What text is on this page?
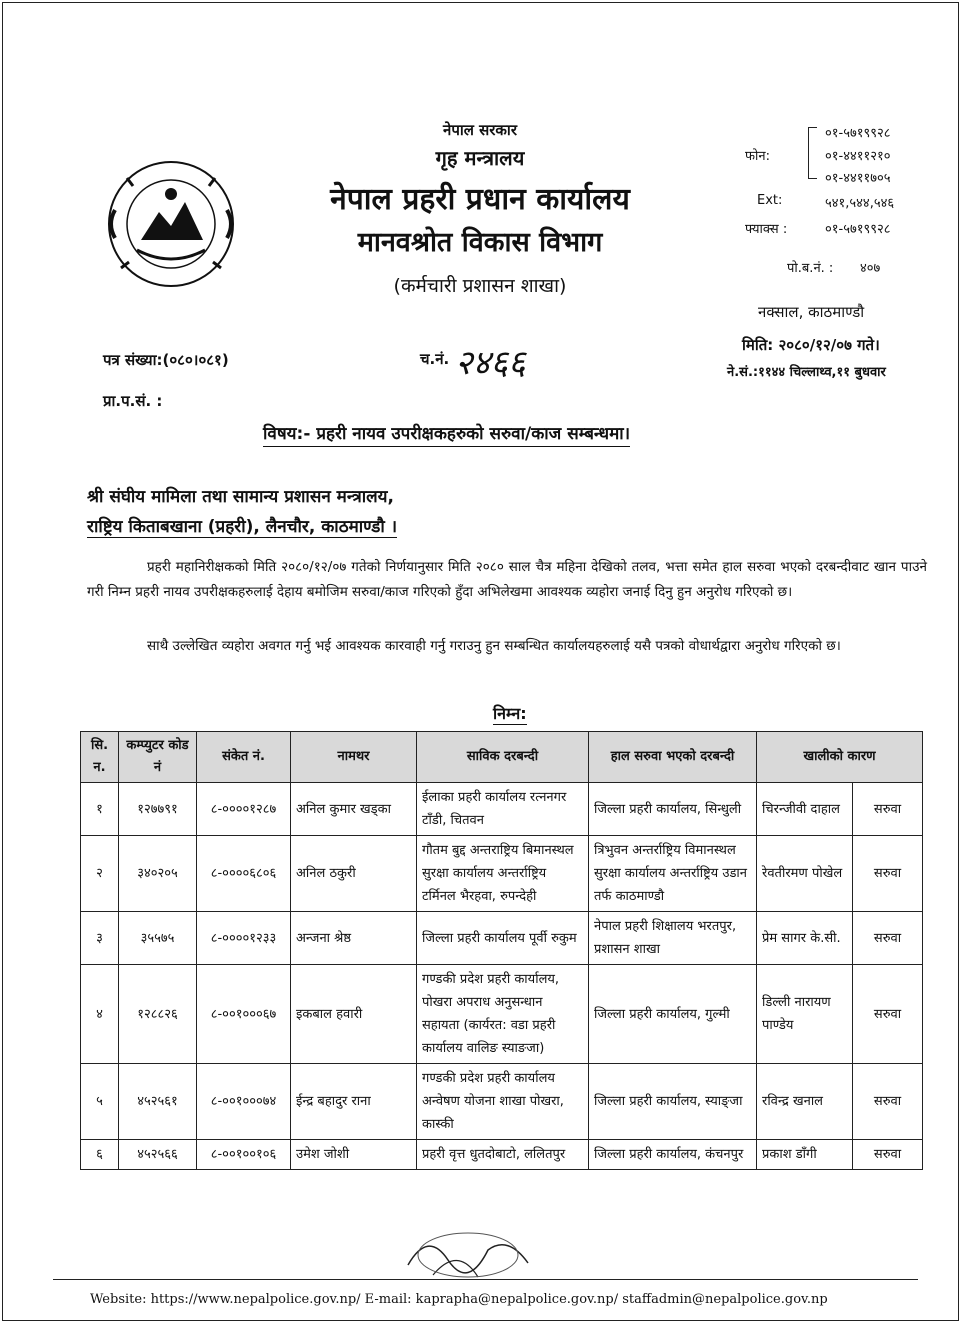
नेपाल सरकार
गृह मन्त्रालय
नेपाल प्रहरी प्रधान कार्यालय
मानवश्रोत विकास विभाग
(कर्मचारी प्रशासन शाखा)
फोन:
०१-५७१९९२८
०१-४४११२१०
०१-४४११७०५
Ext:	५४१,५४४,५४६
फ्याक्स :	०१-५७१९९२८
पो.ब.नं. : ४०७
नक्साल, काठमाण्डौ
मिति: २०८०/१२/०७ गते।
ने.सं.:११४४ चिल्लाथ्व,११ बुधवार
पत्र संख्या:(०८०।०८१)	च.नं. २४६६
प्रा.प.सं. :
विषय:- प्रहरी नायव उपरीक्षकहरुको सरुवा/काज सम्बन्धमा।
श्री संघीय मामिला तथा सामान्य प्रशासन मन्त्रालय,
राष्ट्रिय किताबखाना (प्रहरी), लैनचौर, काठमाण्डौ ।
प्रहरी महानिरीक्षकको मिति २०८०/१२/०७ गतेको निर्णयानुसार मिति २०८० साल चैत्र महिना देखिको तलव, भत्ता समेत हाल सरुवा भएको दरबन्दीवाट खान पाउने गरी निम्न प्रहरी नायव उपरीक्षकहरुलाई देहाय बमोजिम सरुवा/काज गरिएको हुँदा अभिलेखमा आवश्यक व्यहोरा जनाई दिनु हुन अनुरोध गरिएको छ।
साथै उल्लेखित व्यहोरा अवगत गर्नु भई आवश्यक कारवाही गर्नु गराउनु हुन सम्बन्धित कार्यालयहरुलाई यसै पत्रको वोधार्थद्वारा अनुरोध गरिएको छ।
निम्न:
सि. न.	कम्प्युटर कोड नं	संकेत नं.	नामथर	साविक दरबन्दी	हाल सरुवा भएको दरबन्दी	खालीको कारण	
१	१२७७९१	८-००००१२८७	अनिल कुमार खड्का	ईलाका प्रहरी कार्यालय रत्ननगर टाँडी, चितवन	जिल्ला प्रहरी कार्यालय, सिन्धुली	चिरन्जीवी दाहाल	सरुवा
२	३४०२०५	८-००००६८०६	अनिल ठकुरी	गौतम बुद्द अन्तराष्ट्रिय बिमानस्थल सुरक्षा कार्यालय अन्तर्राष्ट्रिय टर्मिनल भैरहवा, रुपन्देही	त्रिभुवन अन्तर्राष्ट्रिय विमानस्थल सुरक्षा कार्यालय अन्तर्राष्ट्रिय उडान तर्फ काठमाण्डौ	रेवतीरमण पोखेल	सरुवा
३	३५५७५	८-००००१२३३	अन्जना श्रेष्ठ	जिल्ला प्रहरी कार्यालय पूर्वी रुकुम	नेपाल प्रहरी शिक्षालय भरतपुर, प्रशासन शाखा	प्रेम सागर के.सी.	सरुवा
४	१२८८२६	८-००१०००६७	इकबाल हवारी	गण्डकी प्रदेश प्रहरी कार्यालय, पोखरा अपराध अनुसन्धान सहायता (कार्यरत: वडा प्रहरी कार्यालय वालिङ स्याङजा)	जिल्ला प्रहरी कार्यालय, गुल्मी	डिल्ली नारायण पाण्डेय	सरुवा
५	४५२५६१	८-००१०००७४	ईन्द्र बहादुर राना	गण्डकी प्रदेश प्रहरी कार्यालय अन्वेषण योजना शाखा पोखरा, कास्की	जिल्ला प्रहरी कार्यालय, स्याङ्जा	रविन्द्र खनाल	सरुवा
६	४५२५६६	८-००१००१०६	उमेश जोशी	प्रहरी वृत्त धुतदोबाटो, ललितपुर	जिल्ला प्रहरी कार्यालय, कंचनपुर	प्रकाश डाँगी	सरुवा
Website: https://www.nepalpolice.gov.np/ E-mail: kaprapha@nepalpolice.gov.np/ staffadmin@nepalpolice.gov.np
